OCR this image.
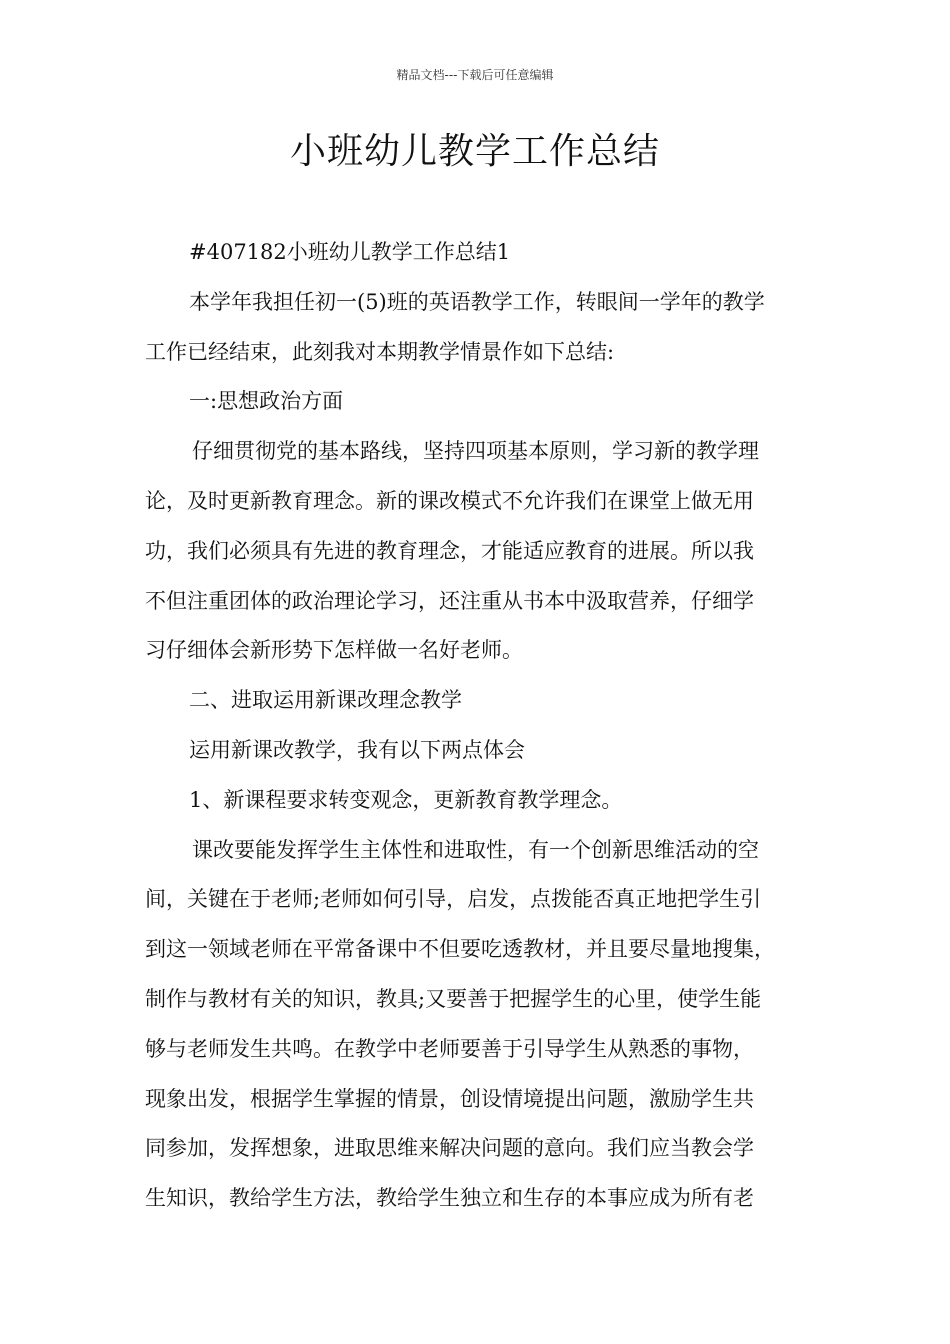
精品文档---下载后可任意编辑
小班幼儿教学工作总结
#407182小班幼儿教学工作总结1
本学年我担任初一(5)班的英语教学工作，转眼间一学年的教学
工作已经结束，此刻我对本期教学情景作如下总结:
一:思想政治方面
仔细贯彻党的基本路线，坚持四项基本原则，学习新的教学理
论，及时更新教育理念。新的课改模式不允许我们在课堂上做无用
功，我们必须具有先进的教育理念，才能适应教育的进展。所以我
不但注重团体的政治理论学习，还注重从书本中汲取营养，仔细学
习仔细体会新形势下怎样做一名好老师。
二、进取运用新课改理念教学
运用新课改教学，我有以下两点体会
1、新课程要求转变观念，更新教育教学理念。
课改要能发挥学生主体性和进取性，有一个创新思维活动的空
间，关键在于老师;老师如何引导，启发，点拨能否真正地把学生引
到这一领域老师在平常备课中不但要吃透教材，并且要尽量地搜集，
制作与教材有关的知识，教具;又要善于把握学生的心里，使学生能
够与老师发生共鸣。在教学中老师要善于引导学生从熟悉的事物，
现象出发，根据学生掌握的情景，创设情境提出问题，激励学生共
同参加，发挥想象，进取思维来解决问题的意向。我们应当教会学
生知识，教给学生方法，教给学生独立和生存的本事应成为所有老
